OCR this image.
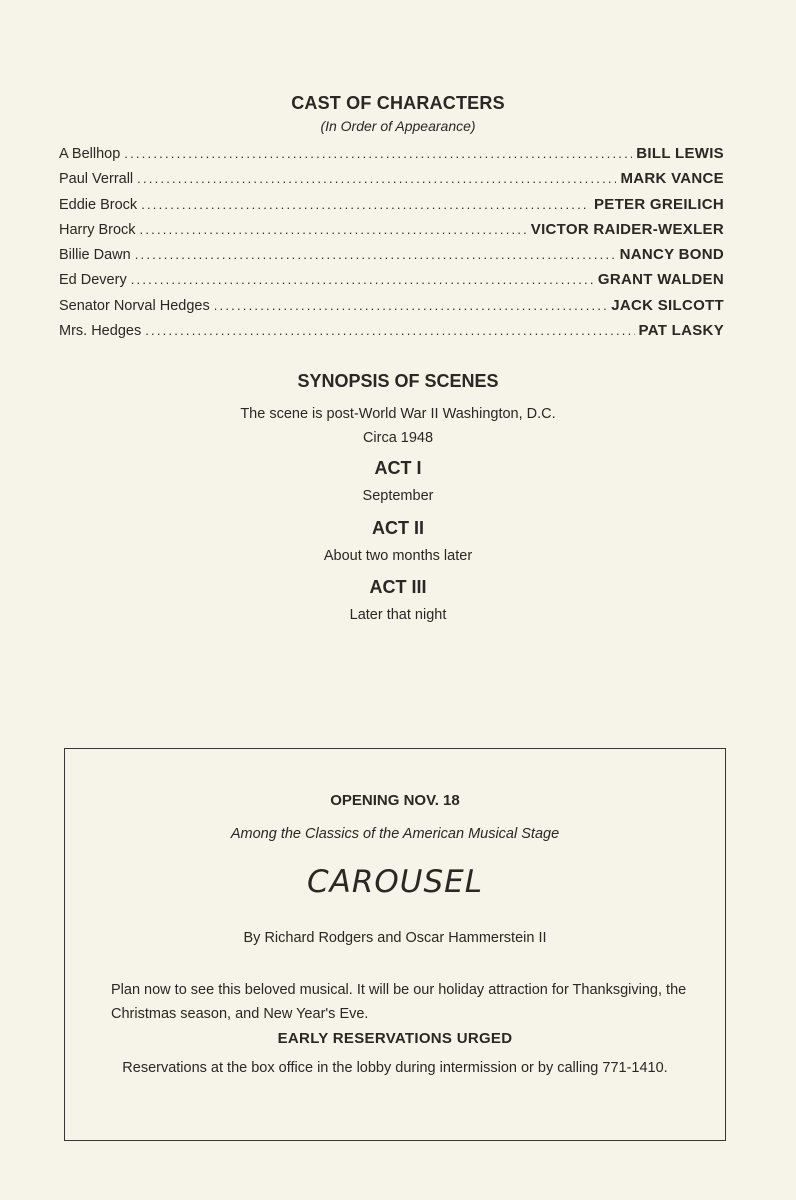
CAST OF CHARACTERS
(In Order of Appearance)
A Bellhop .....	BILL LEWIS
Paul Verrall .....	MARK VANCE
Eddie Brock .....	PETER GREILICH
Harry Brock .....	VICTOR RAIDER-WEXLER
Billie Dawn .....	NANCY BOND
Ed Devery .....	GRANT WALDEN
Senator Norval Hedges .....	JACK SILCOTT
Mrs. Hedges .....	PAT LASKY
SYNOPSIS OF SCENES
The scene is post-World War II Washington, D.C.
Circa 1948
ACT I
September
ACT II
About two months later
ACT III
Later that night
OPENING NOV. 18
Among the Classics of the American Musical Stage
CAROUSEL
By Richard Rodgers and Oscar Hammerstein II
Plan now to see this beloved musical. It will be our holiday attraction for Thanksgiving, the Christmas season, and New Year's Eve.
EARLY RESERVATIONS URGED
Reservations at the box office in the lobby during intermission or by calling 771-1410.
